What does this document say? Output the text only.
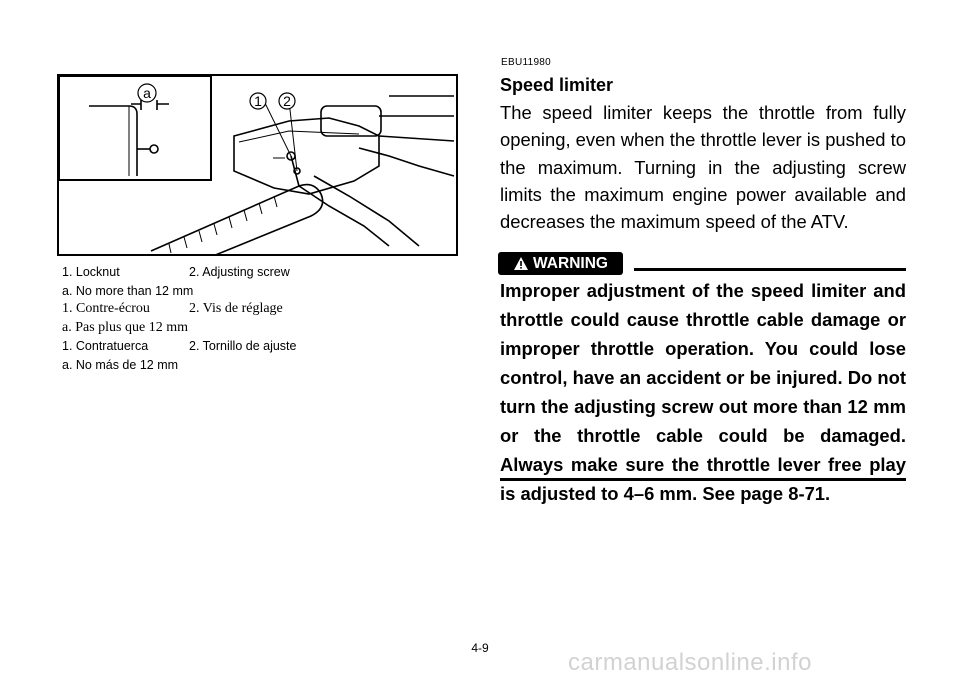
a	1 2
1. Locknut	2. Adjusting screw
a. No more than 12 mm
1. Contre-écrou	2. Vis de réglage
a. Pas plus que 12 mm
1. Contratuerca	2. Tornillo de ajuste
a. No más de 12 mm
EBU11980
Speed limiter
The speed limiter keeps the throttle from fully opening, even when the throttle lever is pushed to the maximum. Turning in the adjusting screw limits the maximum engine power available and decreases the maximum speed of the ATV.
WARNING
Improper adjustment of the speed limiter and throttle could cause throttle cable damage or improper throttle operation. You could lose control, have an accident or be injured. Do not turn the adjusting screw out more than 12 mm or the throttle cable could be damaged. Always make sure the throttle lever free play is adjusted to 4–6 mm. See page 8-71.
4-9
carmanualsonline.info
